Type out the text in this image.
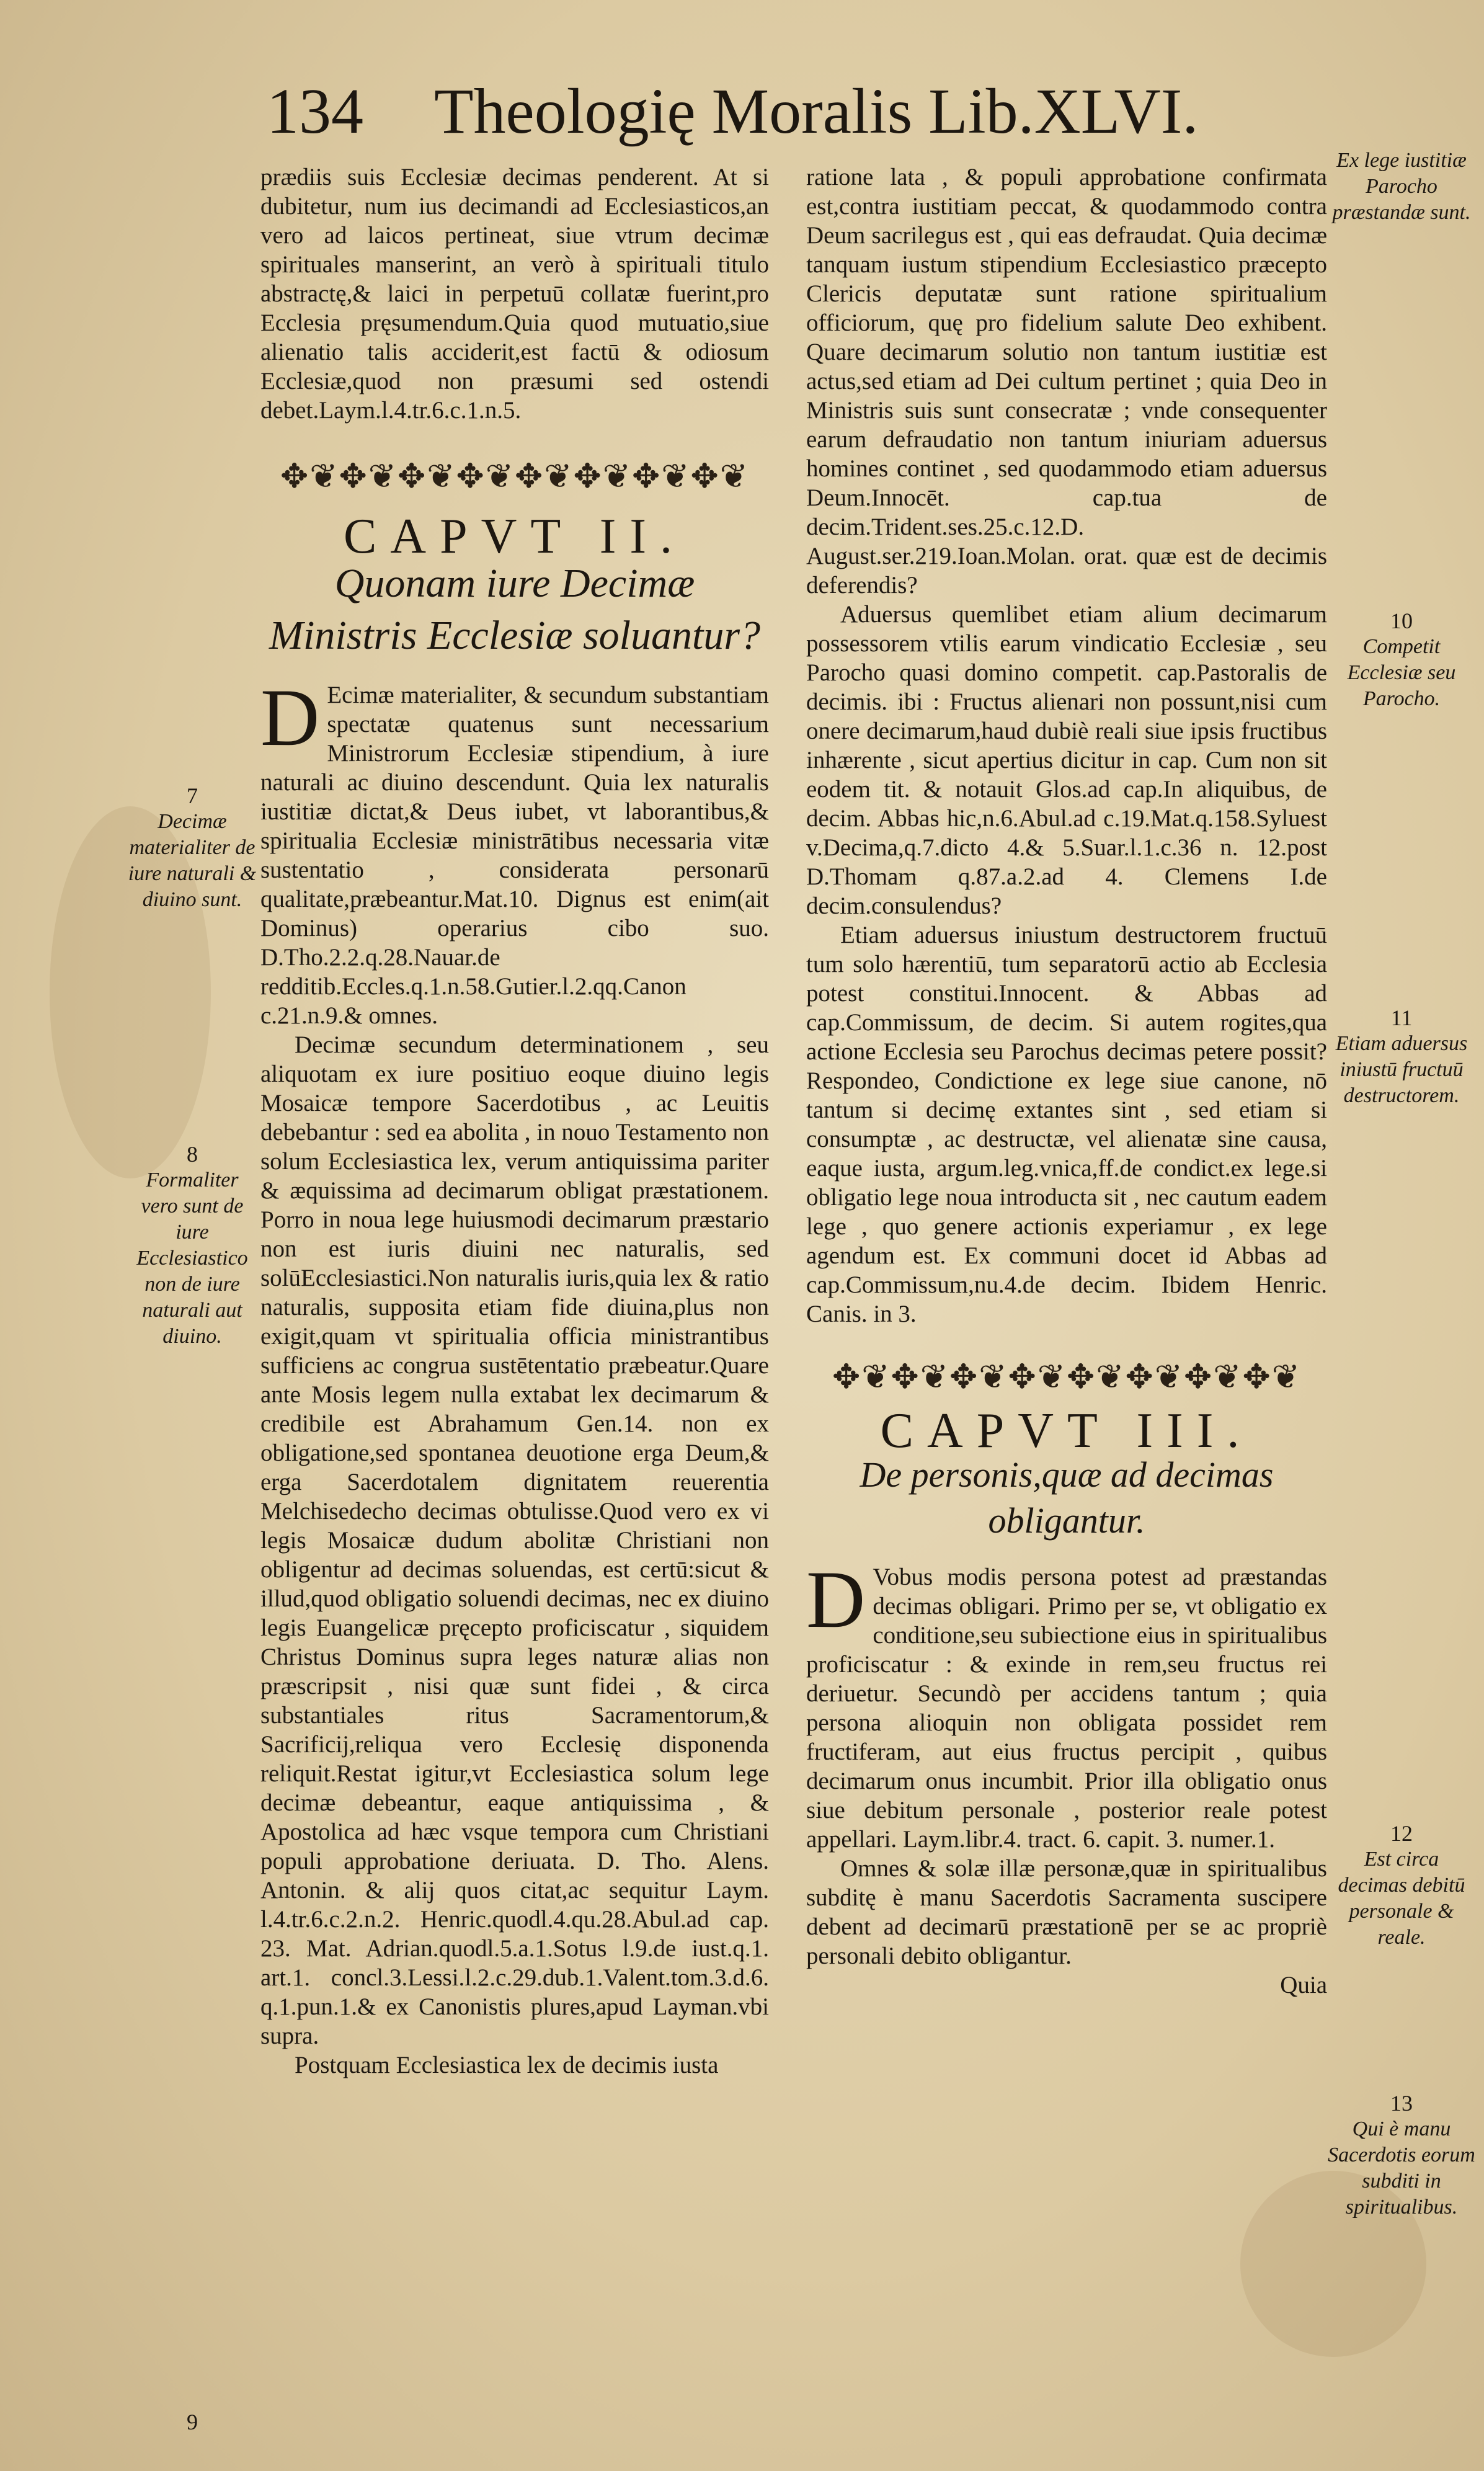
134 Theologię Moralis Lib.XLVI.

prædiis suis Ecclesiæ decimas penderent. At si dubitetur, num ius decimandi ad Ecclesiasticos,an vero ad laicos pertineat, siue vtrum decimæ spirituales manserint, an verò à spirituali titulo abstractę,& laici in perpetuū collatæ fuerint,pro Ecclesia pręsumendum.Quia quod mutuatio,siue alienatio talis acciderit,est factū & odiosum Ecclesiæ,quod non præsumi sed ostendi debet.Laym.l.4.tr.6.c.1.n.5.

✥❦✥❦✥❦✥❦✥❦✥❦✥❦✥❦
CAPVT II.
Quonam iure Decimæ Ministris Ecclesiæ soluantur?

D Ecimæ materialiter, & secundum substantiam spectatæ quatenus sunt necessarium Ministrorum Ecclesiæ stipendium, à iure naturali ac diuino descendunt. Quia lex naturalis iustitiæ dictat,& Deus iubet, vt laborantibus,& spiritualia Ecclesiæ ministrātibus necessaria vitæ sustentatio , considerata personarū qualitate,præbeantur.Mat.10. Dignus est enim(ait Dominus) operarius cibo suo. D.Tho.2.2.q.28.Nauar.de redditib.Eccles.q.1.n.58.Gutier.l.2.qq.Canon c.21.n.9.& omnes.

Decimæ secundum determinationem , seu aliquotam ex iure positiuo eoque diuino legis Mosaicæ tempore Sacerdotibus , ac Leuitis debebantur : sed ea abolita , in nouo Testamento non solum Ecclesiastica lex, verum antiquissima pariter & æquissima ad decimarum obligat præstationem. Porro in noua lege huiusmodi decimarum præstario non est iuris diuini nec naturalis, sed solūEcclesiastici.Non naturalis iuris,quia lex & ratio naturalis, supposita etiam fide diuina,plus non exigit,quam vt spiritualia officia ministrantibus sufficiens ac congrua sustētentatio præbeatur.Quare ante Mosis legem nulla extabat lex decimarum & credibile est Abrahamum Gen.14. non ex obligatione,sed spontanea deuotione erga Deum,& erga Sacerdotalem dignitatem reuerentia Melchisedecho decimas obtulisse.Quod vero ex vi legis Mosaicæ dudum abolitæ Christiani non obligentur ad decimas soluendas, est certū:sicut & illud,quod obligatio soluendi decimas, nec ex diuino legis Euangelicæ pręcepto proficiscatur , siquidem Christus Dominus supra leges naturæ alias non præscripsit , nisi quæ sunt fidei , & circa substantiales ritus Sacramentorum,& Sacrificij,reliqua vero Ecclesię disponenda reliquit.Restat igitur,vt Ecclesiastica solum lege decimæ debeantur, eaque antiquissima , & Apostolica ad hæc vsque tempora cum Christiani populi approbatione deriuata. D. Tho. Alens. Antonin. & alij quos citat,ac sequitur Laym. l.4.tr.6.c.2.n.2. Henric.quodl.4.qu.28.Abul.ad cap. 23. Mat. Adrian.quodl.5.a.1.Sotus l.9.de iust.q.1. art.1. concl.3.Lessi.l.2.c.29.dub.1.Valent.tom.3.d.6. q.1.pun.1.& ex Canonistis plures,apud Layman.vbi supra.

Postquam Ecclesiastica lex de decimis iusta

ratione lata , & populi approbatione confirmata est,contra iustitiam peccat, & quodammodo contra Deum sacrilegus est , qui eas defraudat. Quia decimæ tanquam iustum stipendium Ecclesiastico præcepto Clericis deputatæ sunt ratione spiritualium officiorum, quę pro fidelium salute Deo exhibent. Quare decimarum solutio non tantum iustitiæ est actus,sed etiam ad Dei cultum pertinet ; quia Deo in Ministris suis sunt consecratæ ; vnde consequenter earum defraudatio non tantum iniuriam aduersus homines continet , sed quodammodo etiam aduersus Deum.Innocēt. cap.tua de decim.Trident.ses.25.c.12.D. August.ser.219.Ioan.Molan. orat. quæ est de decimis deferendis?

Aduersus quemlibet etiam alium decimarum possessorem vtilis earum vindicatio Ecclesiæ , seu Parocho quasi domino competit. cap.Pastoralis de decimis. ibi : Fructus alienari non possunt,nisi cum onere decimarum,haud dubiè reali siue ipsis fructibus inhærente , sicut apertius dicitur in cap. Cum non sit eodem tit. & notauit Glos.ad cap.In aliquibus, de decim. Abbas hic,n.6.Abul.ad c.19.Mat.q.158.Syluest v.Decima,q.7.dicto 4.& 5.Suar.l.1.c.36 n. 12.post D.Thomam q.87.a.2.ad 4. Clemens I.de decim.consulendus?

Etiam aduersus iniustum destructorem fructuū tum solo hærentiū, tum separatorū actio ab Ecclesia potest constitui.Innocent. & Abbas ad cap.Commissum, de decim. Si autem rogites,qua actione Ecclesia seu Parochus decimas petere possit?Respondeo, Condictione ex lege siue canone, nō tantum si decimę extantes sint , sed etiam si consumptæ , ac destructæ, vel alienatæ sine causa, eaque iusta, argum.leg.vnica,ff.de condict.ex lege.si obligatio lege noua introducta sit , nec cautum eadem lege , quo genere actionis experiamur , ex lege agendum est. Ex communi docet id Abbas ad cap.Commissum,nu.4.de decim. Ibidem Henric. Canis. in 3.

✥❦✥❦✥❦✥❦✥❦✥❦✥❦✥❦
CAPVT III.
De personis,quæ ad decimas obligantur.

D Vobus modis persona potest ad præstandas decimas obligari. Primo per se, vt obligatio ex conditione,seu subiectione eius in spiritualibus proficiscatur : & exinde in rem,seu fructus rei deriuetur. Secundò per accidens tantum ; quia persona alioquin non obligata possidet rem fructiferam, aut eius fructus percipit , quibus decimarum onus incumbit. Prior illa obligatio onus siue debitum personale , posterior reale potest appellari. Laym.libr.4. tract. 6. capit. 3. numer.1.

Omnes & solæ illæ personæ,quæ in spiritualibus subditę è manu Sacerdotis Sacramenta suscipere debent ad decimarū præstationē per se ac propriè personali debito obligantur.

Quia

7
Decimæ materialiter de iure naturali & diuino sunt.
8
Formaliter vero sunt de iure Ecclesiastico non de iure naturali aut diuino.
9
Ex lege iustitiæ Parocho præstandæ sunt.
10
Competit Ecclesiæ seu Parocho.
11
Etiam aduersus iniustū fructuū destructorem.
12
Est circa decimas debitū personale & reale.
13
Qui è manu Sacerdotis eorum subditi in spiritualibus.
